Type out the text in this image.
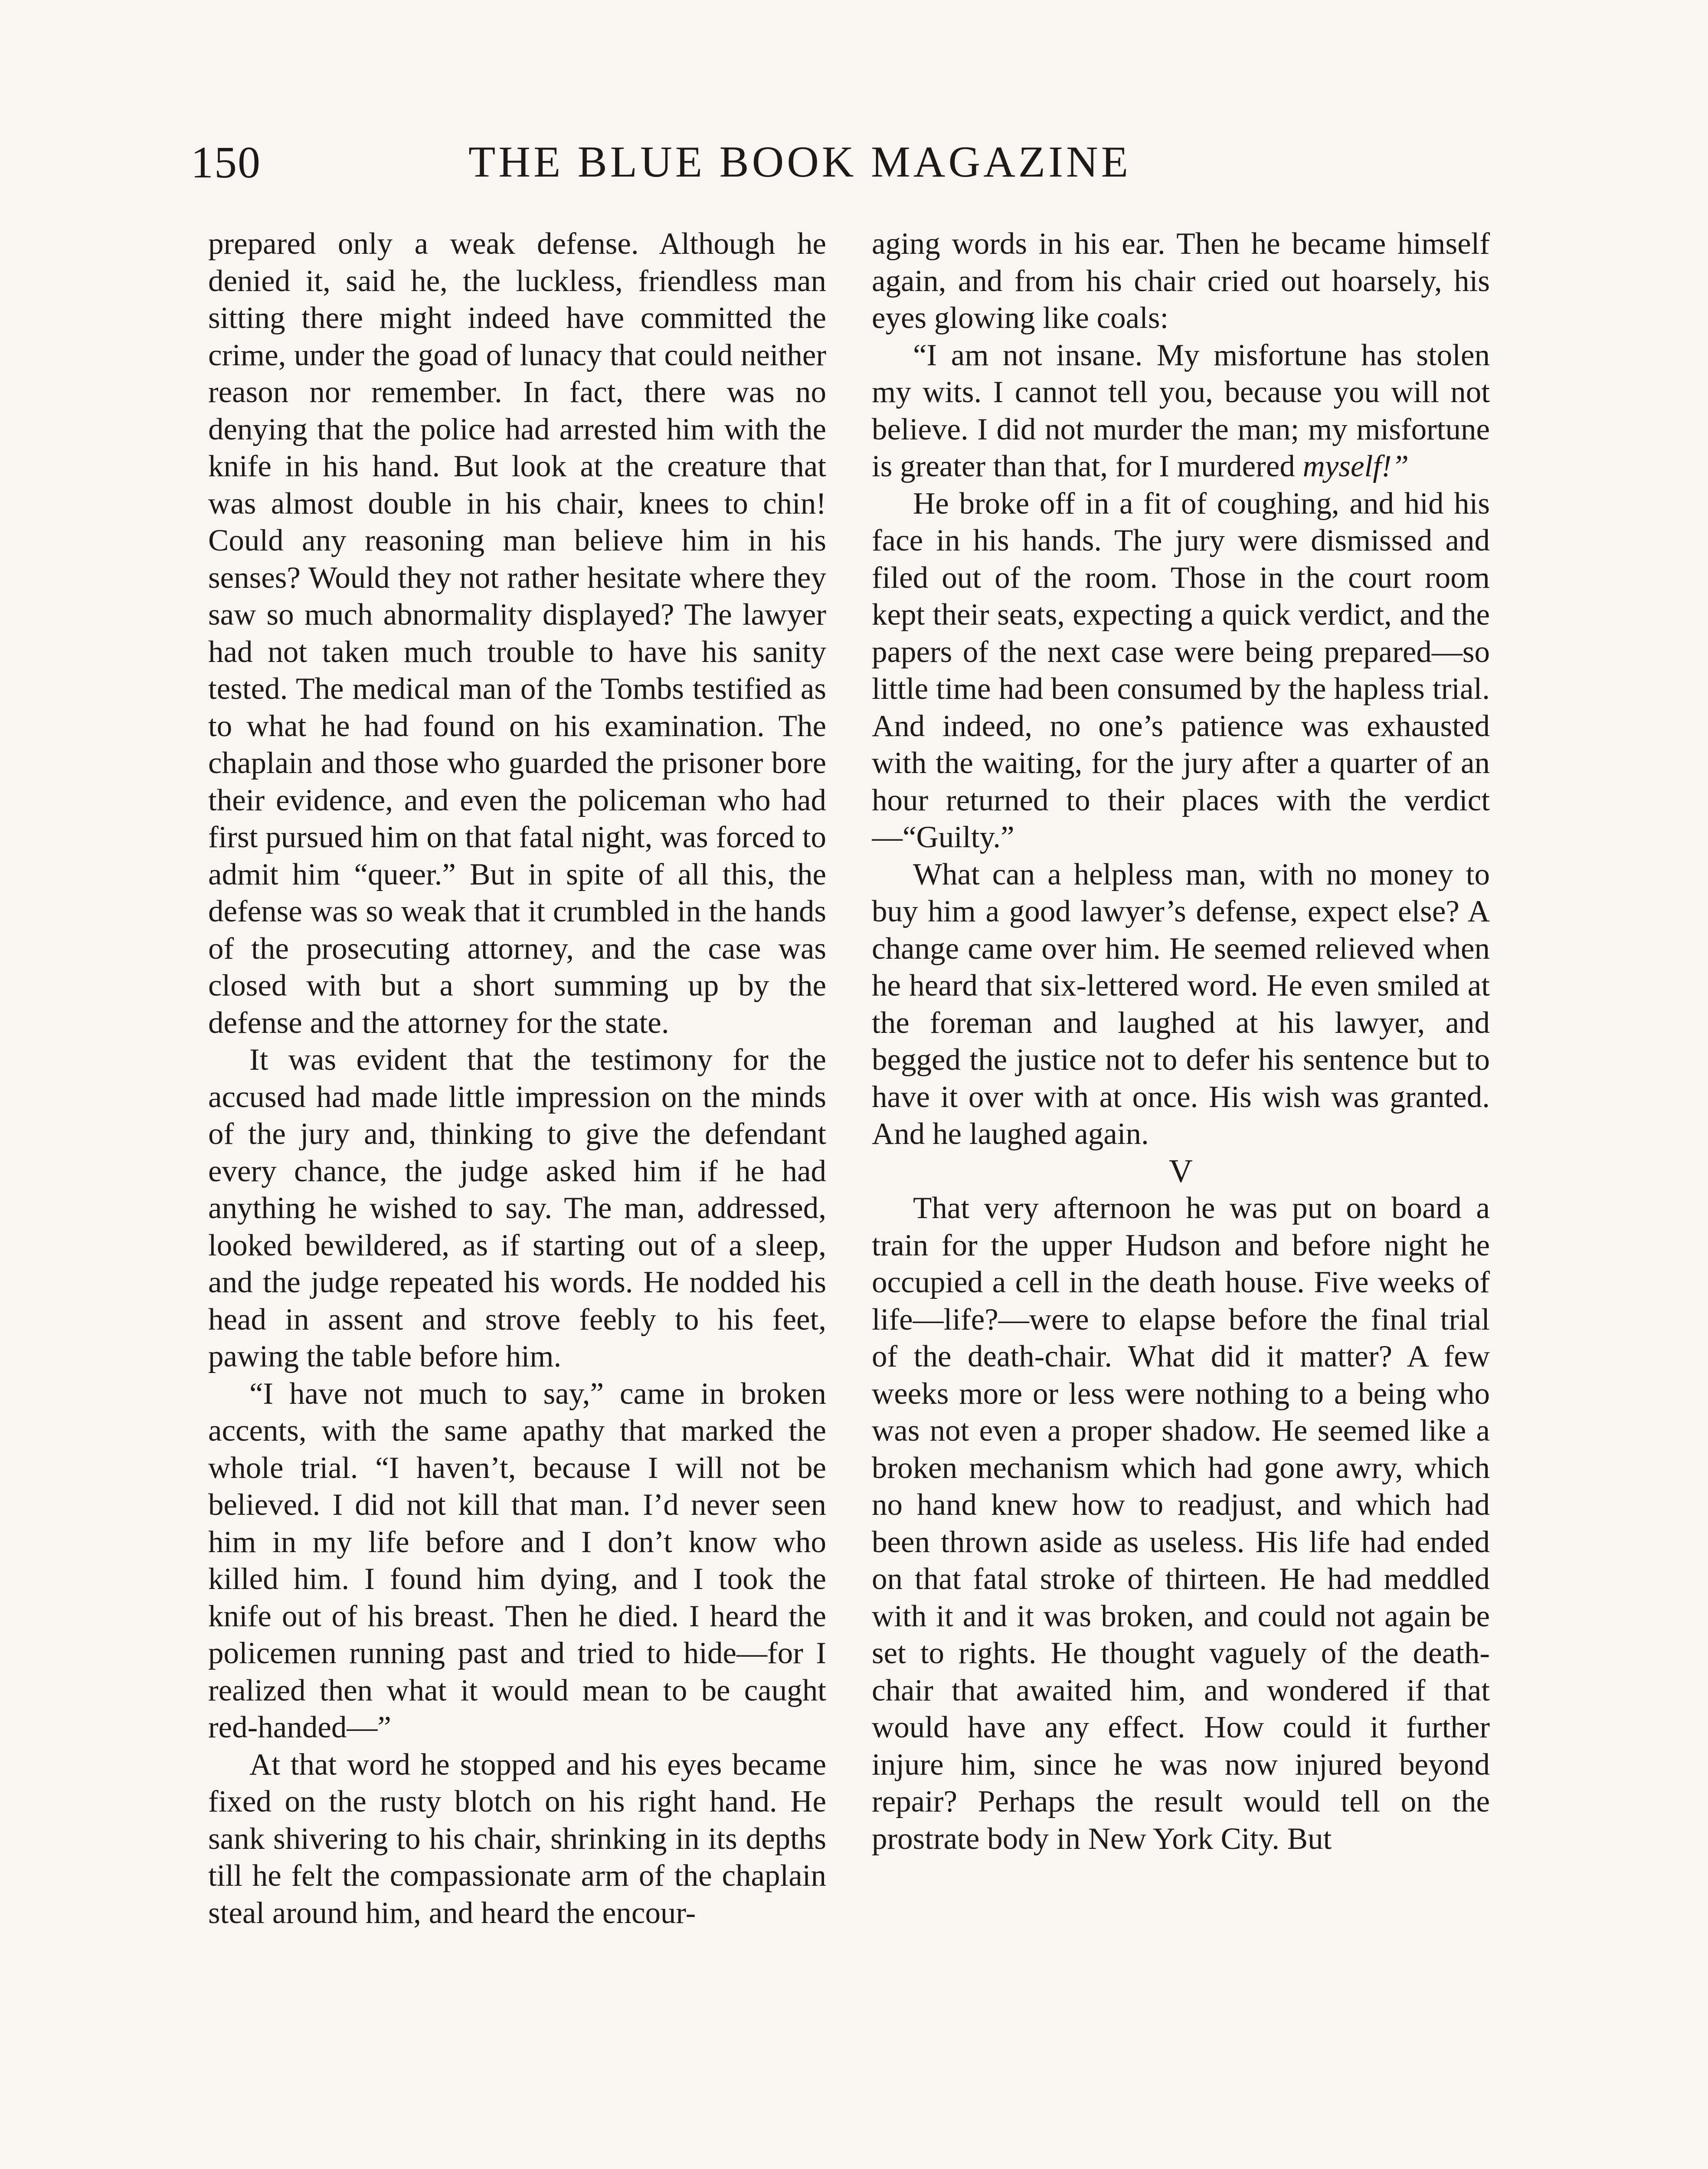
150	THE BLUE BOOK MAGAZINE

prepared only a weak defense. Although he denied it, said he, the luckless, friendless man sitting there might indeed have committed the crime, under the goad of lunacy that could neither reason nor remember. In fact, there was no denying that the police had arrested him with the knife in his hand. But look at the creature that was almost double in his chair, knees to chin! Could any reasoning man believe him in his senses? Would they not rather hesitate where they saw so much abnormality displayed? The lawyer had not taken much trouble to have his sanity tested. The medical man of the Tombs testified as to what he had found on his examination. The chaplain and those who guarded the prisoner bore their evidence, and even the policeman who had first pursued him on that fatal night, was forced to admit him “queer.” But in spite of all this, the defense was so weak that it crumbled in the hands of the prosecuting attorney, and the case was closed with but a short summing up by the defense and the attorney for the state.

It was evident that the testimony for the accused had made little impression on the minds of the jury and, thinking to give the defendant every chance, the judge asked him if he had anything he wished to say. The man, addressed, looked bewildered, as if starting out of a sleep, and the judge repeated his words. He nodded his head in assent and strove feebly to his feet, pawing the table before him.

“I have not much to say,” came in broken accents, with the same apathy that marked the whole trial. “I haven’t, because I will not be believed. I did not kill that man. I’d never seen him in my life before and I don’t know who killed him. I found him dying, and I took the knife out of his breast. Then he died. I heard the policemen running past and tried to hide—for I realized then what it would mean to be caught red-handed—”

At that word he stopped and his eyes became fixed on the rusty blotch on his right hand. He sank shivering to his chair, shrinking in its depths till he felt the compassionate arm of the chaplain steal around him, and heard the encour-

aging words in his ear. Then he became himself again, and from his chair cried out hoarsely, his eyes glowing like coals:

“I am not insane. My misfortune has stolen my wits. I cannot tell you, because you will not believe. I did not murder the man; my misfortune is greater than that, for I murdered myself!”

He broke off in a fit of coughing, and hid his face in his hands. The jury were dismissed and filed out of the room. Those in the court room kept their seats, expecting a quick verdict, and the papers of the next case were being prepared—so little time had been consumed by the hapless trial. And indeed, no one’s patience was exhausted with the waiting, for the jury after a quarter of an hour returned to their places with the verdict—“Guilty.”

What can a helpless man, with no money to buy him a good lawyer’s defense, expect else? A change came over him. He seemed relieved when he heard that six-lettered word. He even smiled at the foreman and laughed at his lawyer, and begged the justice not to defer his sentence but to have it over with at once. His wish was granted. And he laughed again.

V

That very afternoon he was put on board a train for the upper Hudson and before night he occupied a cell in the death house. Five weeks of life—life?—were to elapse before the final trial of the death-chair. What did it matter? A few weeks more or less were nothing to a being who was not even a proper shadow. He seemed like a broken mechanism which had gone awry, which no hand knew how to readjust, and which had been thrown aside as useless. His life had ended on that fatal stroke of thirteen. He had meddled with it and it was broken, and could not again be set to rights. He thought vaguely of the death-chair that awaited him, and wondered if that would have any effect. How could it further injure him, since he was now injured beyond repair? Perhaps the result would tell on the prostrate body in New York City. But
